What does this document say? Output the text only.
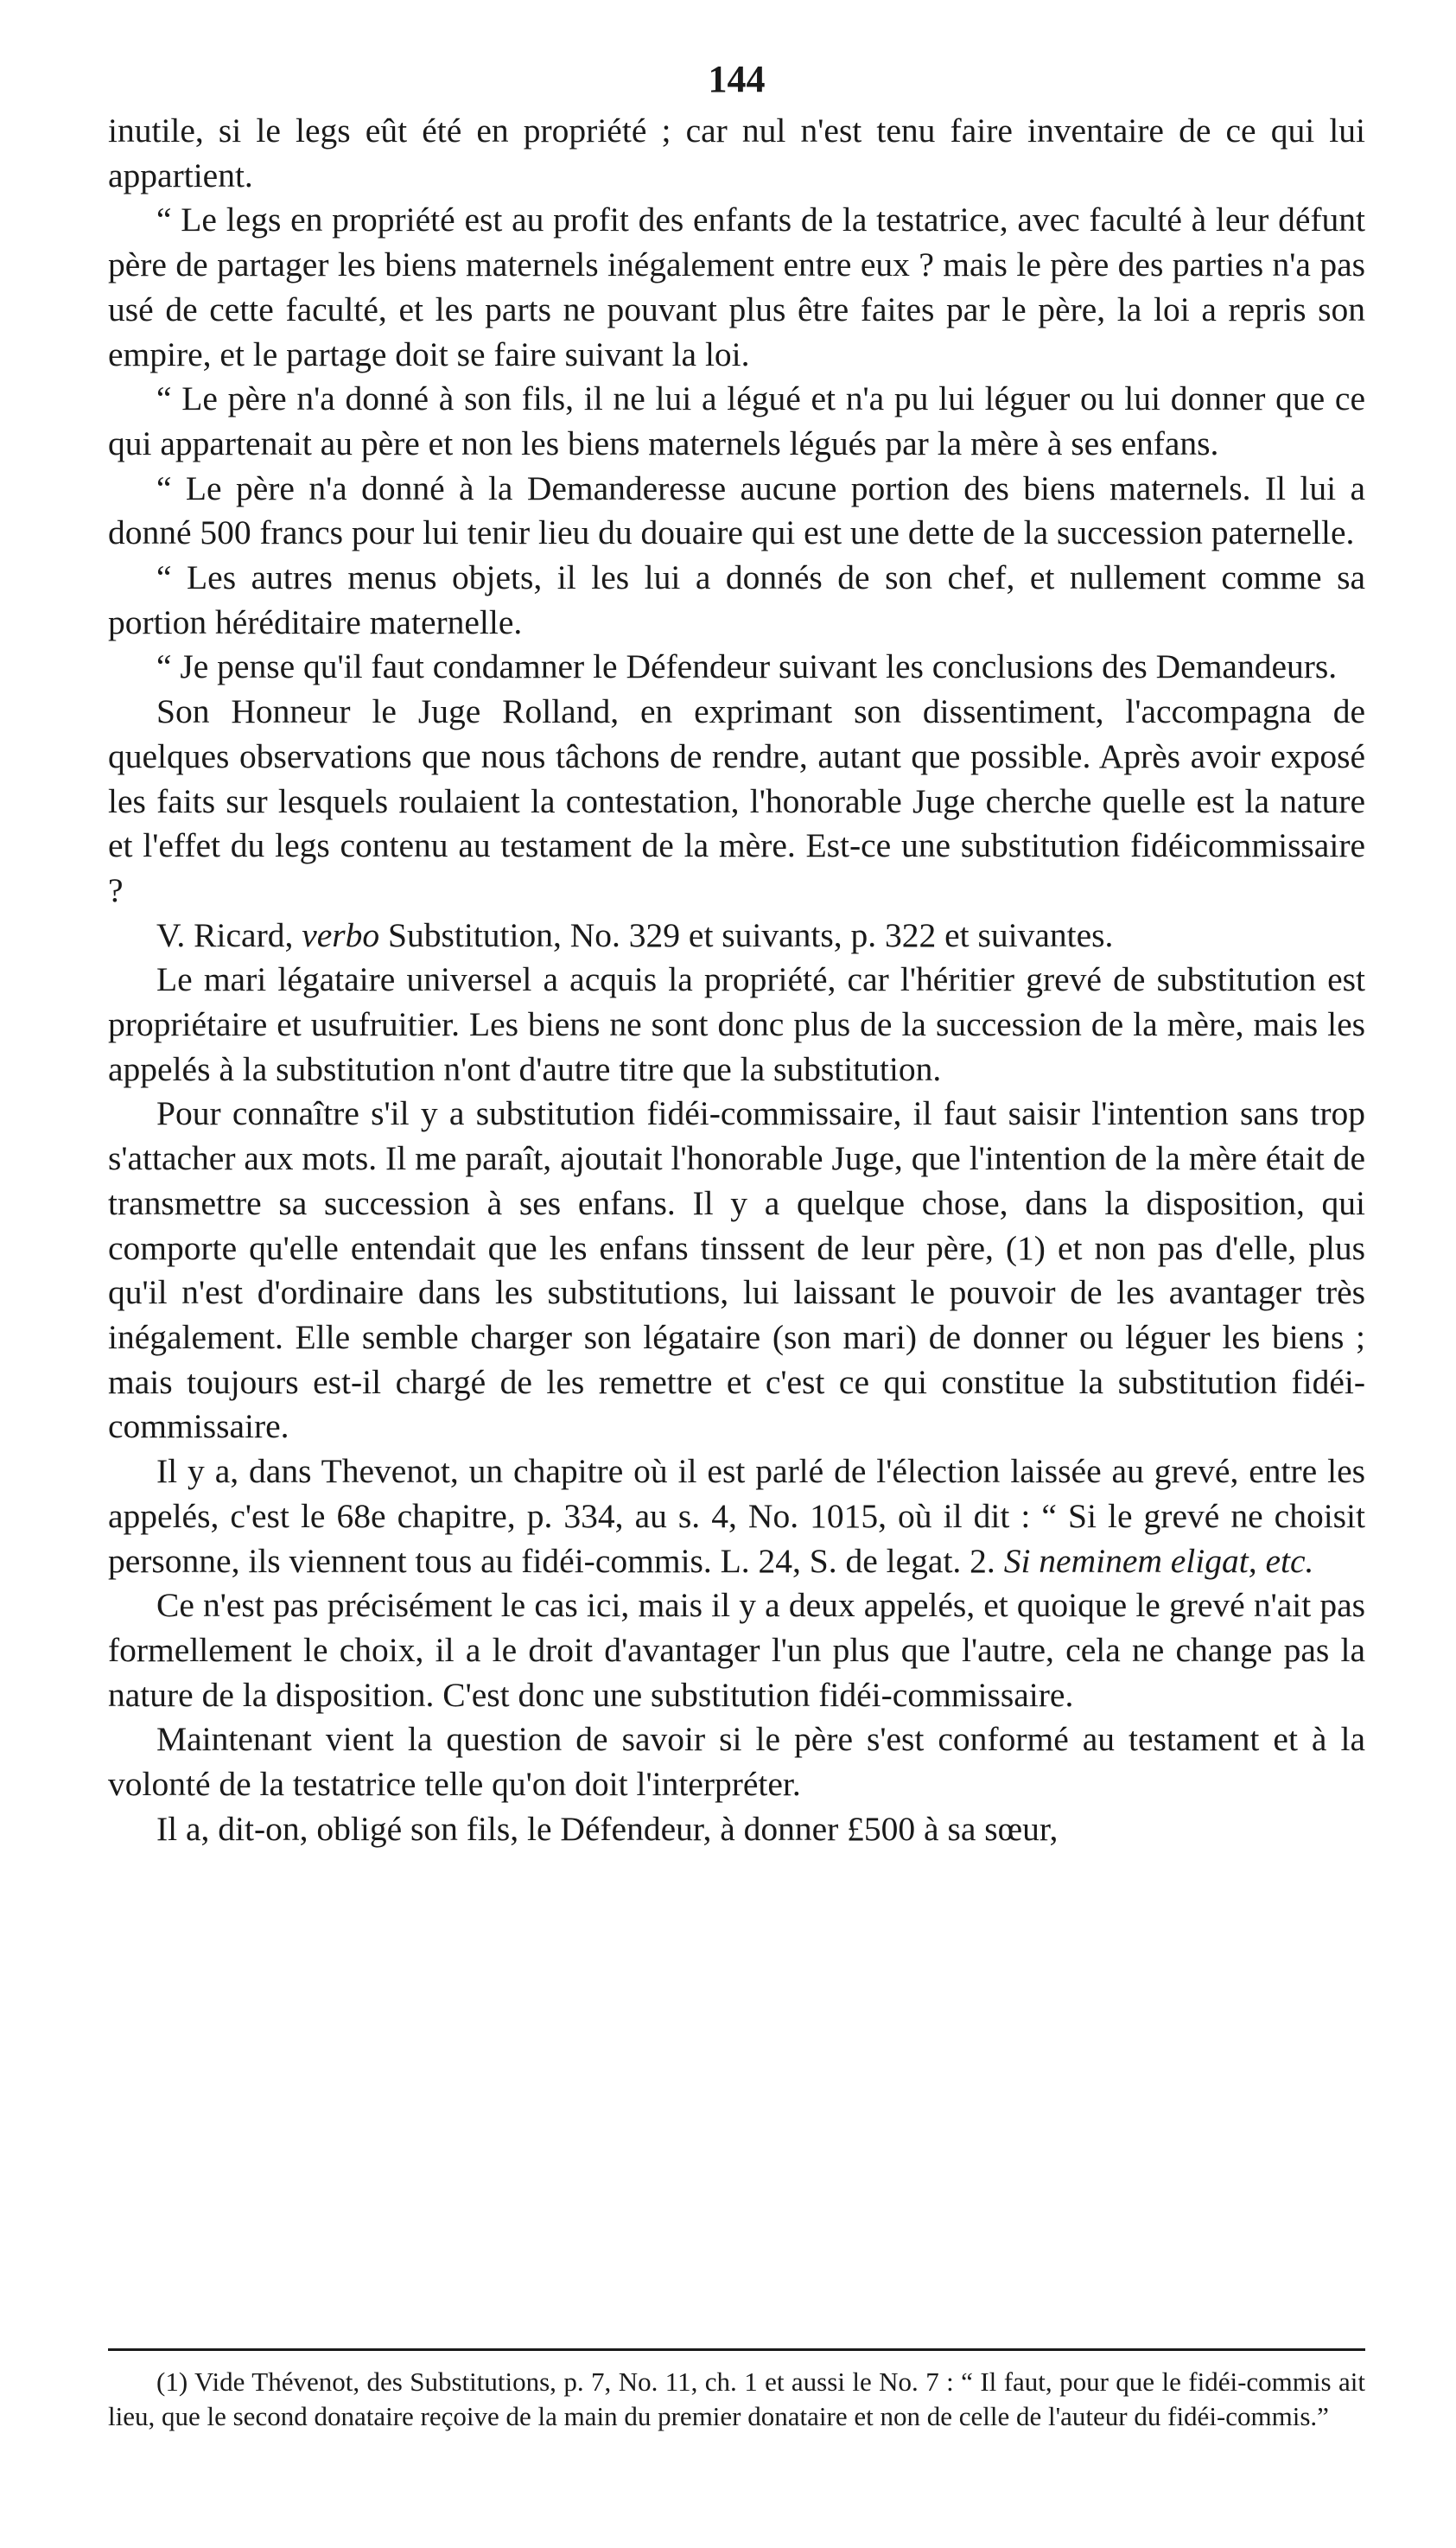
144

inutile, si le legs eût été en propriété ; car nul n'est tenu faire inventaire de ce qui lui appartient.

“ Le legs en propriété est au profit des enfants de la testatrice, avec faculté à leur défunt père de partager les biens maternels inégalement entre eux ? mais le père des parties n'a pas usé de cette faculté, et les parts ne pouvant plus être faites par le père, la loi a repris son empire, et le partage doit se faire suivant la loi.

“ Le père n'a donné à son fils, il ne lui a légué et n'a pu lui léguer ou lui donner que ce qui appartenait au père et non les biens maternels légués par la mère à ses enfans.

“ Le père n'a donné à la Demanderesse aucune portion des biens maternels. Il lui a donné 500 francs pour lui tenir lieu du douaire qui est une dette de la succession paternelle.

“ Les autres menus objets, il les lui a donnés de son chef, et nullement comme sa portion héréditaire maternelle.

“ Je pense qu'il faut condamner le Défendeur suivant les conclusions des Demandeurs.

Son Honneur le Juge Rolland, en exprimant son dissentiment, l'accompagna de quelques observations que nous tâchons de rendre, autant que possible. Après avoir exposé les faits sur lesquels roulaient la contestation, l'honorable Juge cherche quelle est la nature et l'effet du legs contenu au testament de la mère. Est-ce une substitution fidéicommissaire ?

V. Ricard, verbo Substitution, No. 329 et suivants, p. 322 et suivantes.

Le mari légataire universel a acquis la propriété, car l'héritier grevé de substitution est propriétaire et usufruitier. Les biens ne sont donc plus de la succession de la mère, mais les appelés à la substitution n'ont d'autre titre que la substitution.

Pour connaître s'il y a substitution fidéi-commissaire, il faut saisir l'intention sans trop s'attacher aux mots. Il me paraît, ajoutait l'honorable Juge, que l'intention de la mère était de transmettre sa succession à ses enfans. Il y a quelque chose, dans la disposition, qui comporte qu'elle entendait que les enfans tinssent de leur père, (1) et non pas d'elle, plus qu'il n'est d'ordinaire dans les substitutions, lui laissant le pouvoir de les avantager très inégalement. Elle semble charger son légataire (son mari) de donner ou léguer les biens ; mais toujours est-il chargé de les remettre et c'est ce qui constitue la substitution fidéi-commissaire.

Il y a, dans Thevenot, un chapitre où il est parlé de l'élection laissée au grevé, entre les appelés, c'est le 68e chapitre, p. 334, au s. 4, No. 1015, où il dit : “ Si le grevé ne choisit personne, ils viennent tous au fidéi-commis. L. 24, S. de legat. 2. Si neminem eligat, etc.

Ce n'est pas précisément le cas ici, mais il y a deux appelés, et quoique le grevé n'ait pas formellement le choix, il a le droit d'avantager l'un plus que l'autre, cela ne change pas la nature de la disposition. C'est donc une substitution fidéi-commissaire.

Maintenant vient la question de savoir si le père s'est conformé au testament et à la volonté de la testatrice telle qu'on doit l'interpréter.

Il a, dit-on, obligé son fils, le Défendeur, à donner £500 à sa sœur,

(1) Vide Thévenot, des Substitutions, p. 7, No. 11, ch. 1 et aussi le No. 7 : “ Il faut, pour que le fidéi-commis ait lieu, que le second donataire reçoive de la main du premier donataire et non de celle de l'auteur du fidéi-commis.”
